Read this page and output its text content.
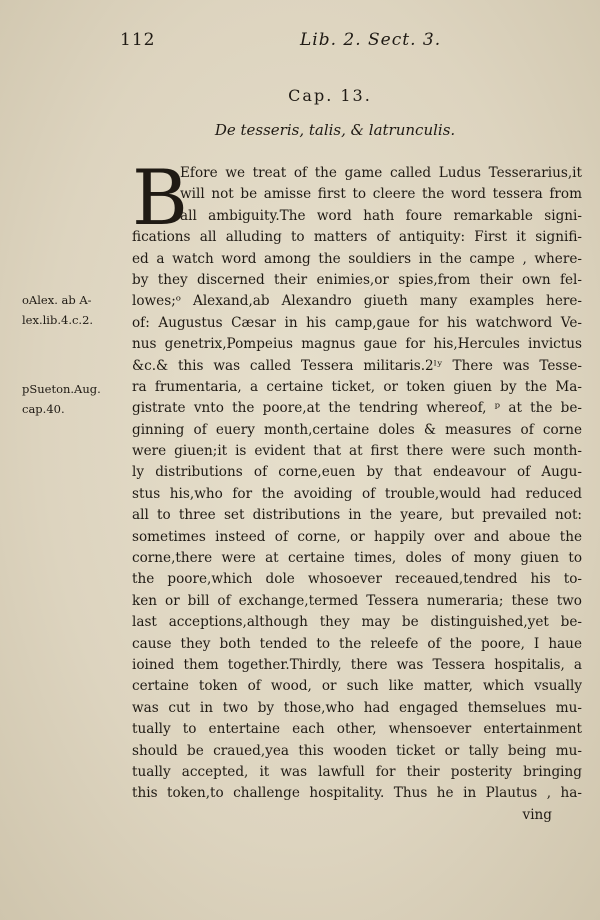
112	Lib. 2. Sect. 3.
Cap. 13.
De tesseris, talis, & latrunculis.
B
Efore we treat of the game called Ludus Tesserarius,it
will not be amisse first to cleere the word tessera from
all ambiguity.The word hath foure remarkable signi-
fications all alluding to matters of antiquity: First it signifi-
ed a watch word among the souldiers in the campe , where-
by they discerned their enimies,or spies,from their own fel-
lowes;ᵒ Alexand,ab Alexandro giueth many examples here-
of: Augustus Cæsar in his camp,gaue for his watchword Ve-
nus genetrix,Pompeius magnus gaue for his,Hercules invictus
&c.& this was called Tessera militaris.2ˡʸ There was Tesse-
ra frumentaria, a certaine ticket, or token giuen by the Ma-
gistrate vnto the poore,at the tendring whereof, ᵖ at the be-
ginning of euery month,certaine doles & measures of corne
were giuen;it is evident that at first there were such month-
ly distributions of corne,euen by that endeavour of Augu-
stus his,who for the avoiding of trouble,would had reduced
all to three set distributions in the yeare, but prevailed not:
sometimes insteed of corne, or happily over and aboue the
corne,there were at certaine times, doles of mony giuen to
the poore,which dole whosoever receaued,tendred his to-
ken or bill of exchange,termed Tessera numeraria; these two
last acceptions,although they may be distinguished,yet be-
cause they both tended to the releefe of the poore, I haue
ioined them together.Thirdly, there was Tessera hospitalis, a
certaine token of wood, or such like matter, which vsually
was cut in two by those,who had engaged themselues mu-
tually to entertaine each other, whensoever entertainment
should be craued,yea this wooden ticket or tally being mu-
tually accepted, it was lawfull for their posterity bringing
this token,to challenge hospitality. Thus he in Plautus , ha-
ving
oAlex. ab A-
lex.lib.4.c.2.
pSueton.Aug.
cap.40.
